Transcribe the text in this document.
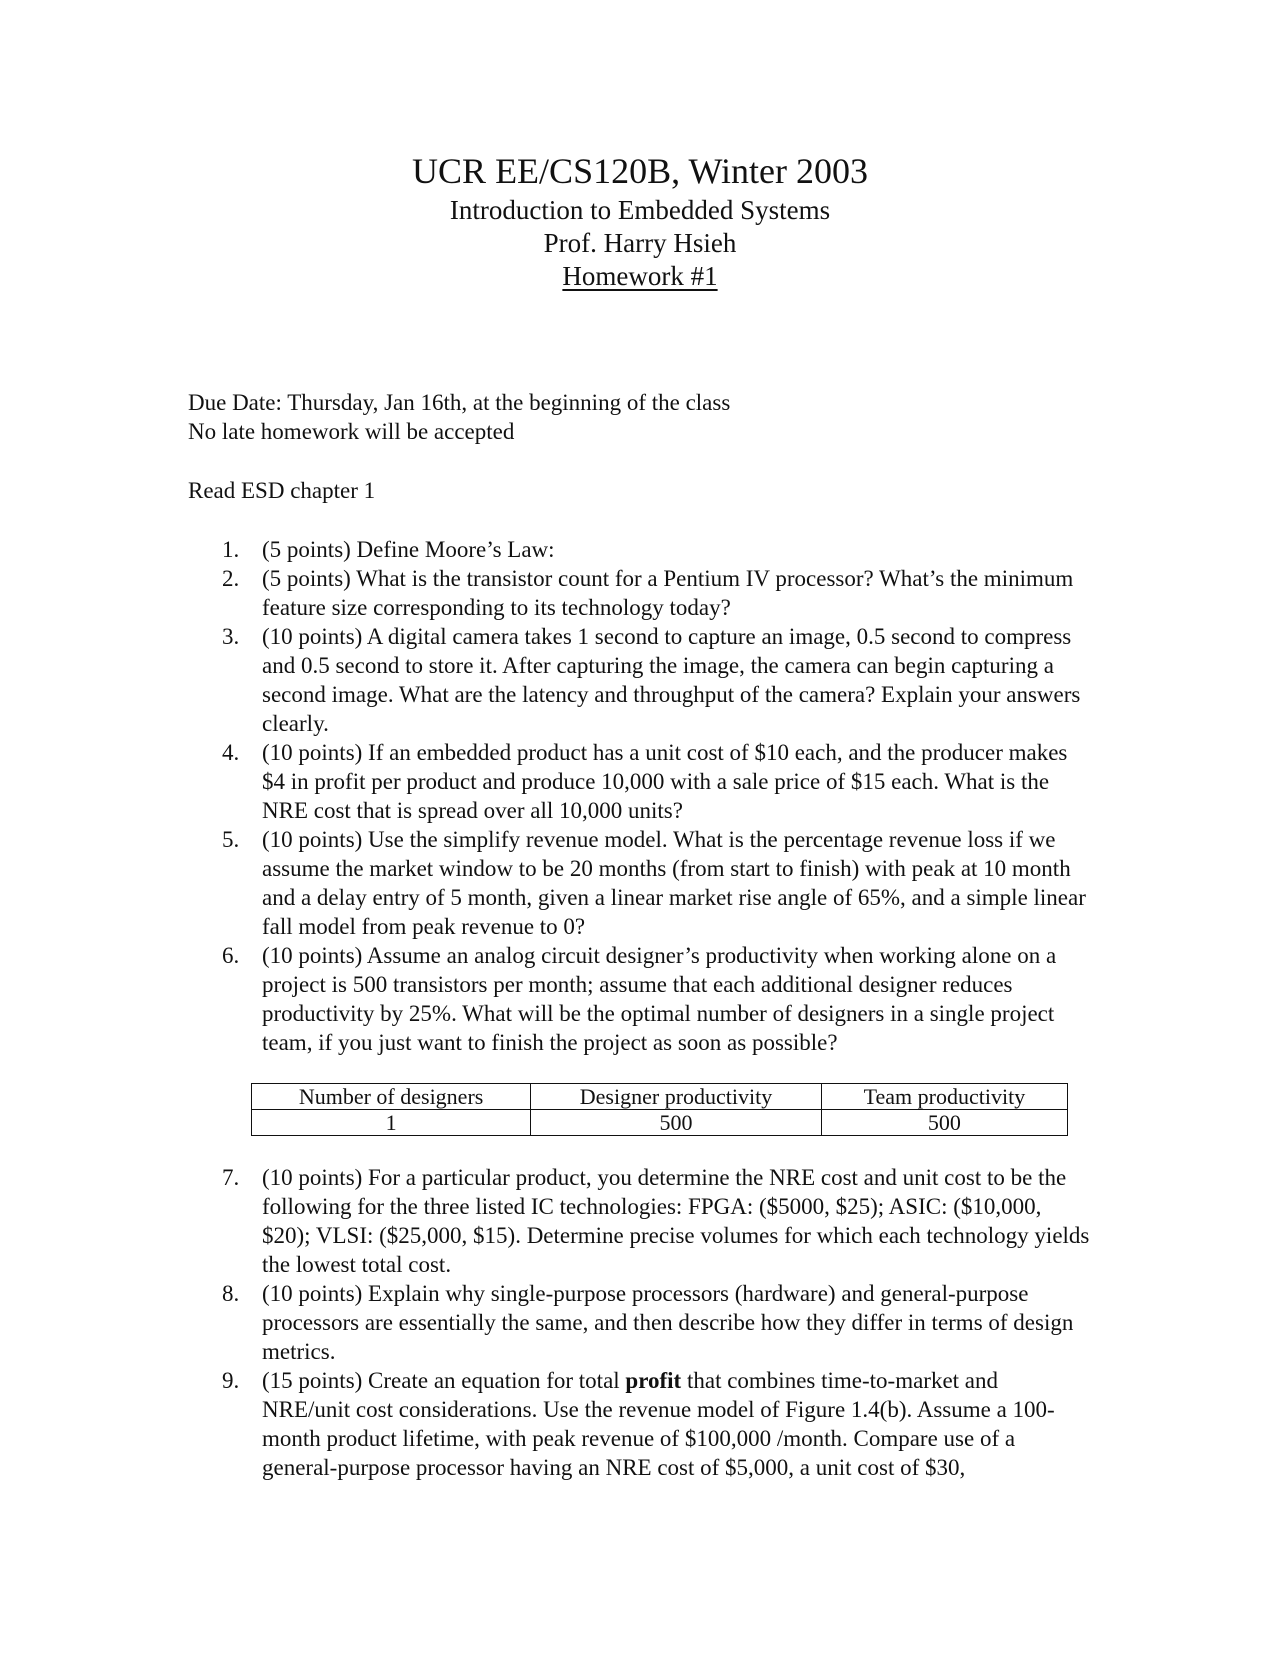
UCR EE/CS120B, Winter 2003
Introduction to Embedded Systems
Prof. Harry Hsieh
Homework #1
Due Date: Thursday, Jan 16th, at the beginning of the class
No late homework will be accepted
Read ESD chapter 1
1. (5 points) Define Moore’s Law:
2. (5 points) What is the transistor count for a Pentium IV processor? What’s the minimum feature size corresponding to its technology today?
3. (10 points) A digital camera takes 1 second to capture an image, 0.5 second to compress and 0.5 second to store it. After capturing the image, the camera can begin capturing a second image. What are the latency and throughput of the camera? Explain your answers clearly.
4. (10 points) If an embedded product has a unit cost of $10 each, and the producer makes $4 in profit per product and produce 10,000 with a sale price of $15 each. What is the NRE cost that is spread over all 10,000 units?
5. (10 points) Use the simplify revenue model. What is the percentage revenue loss if we assume the market window to be 20 months (from start to finish) with peak at 10 month and a delay entry of 5 month, given a linear market rise angle of 65%, and a simple linear fall model from peak revenue to 0?
6. (10 points) Assume an analog circuit designer’s productivity when working alone on a project is 500 transistors per month; assume that each additional designer reduces productivity by 25%. What will be the optimal number of designers in a single project team, if you just want to finish the project as soon as possible?
Number of designers	Designer productivity	Team productivity
1	500	500
7. (10 points) For a particular product, you determine the NRE cost and unit cost to be the following for the three listed IC technologies: FPGA: ($5000, $25); ASIC: ($10,000, $20); VLSI: ($25,000, $15). Determine precise volumes for which each technology yields the lowest total cost.
8. (10 points) Explain why single-purpose processors (hardware) and general-purpose processors are essentially the same, and then describe how they differ in terms of design metrics.
9. (15 points) Create an equation for total profit that combines time-to-market and NRE/unit cost considerations. Use the revenue model of Figure 1.4(b). Assume a 100-month product lifetime, with peak revenue of $100,000 /month. Compare use of a general-purpose processor having an NRE cost of $5,000, a unit cost of $30,
